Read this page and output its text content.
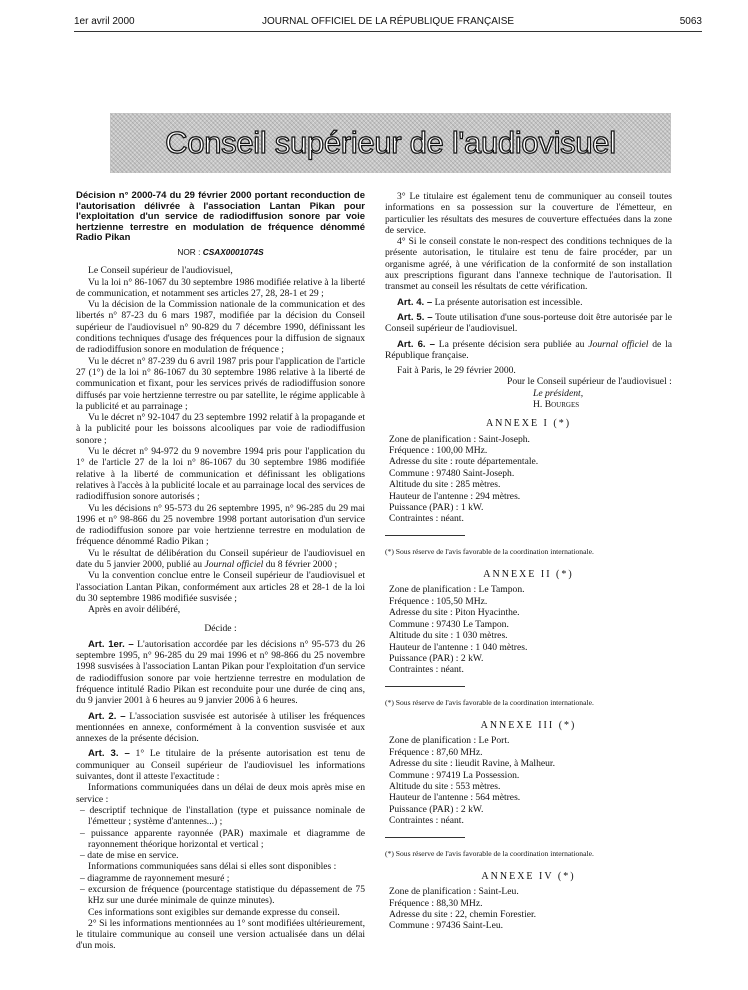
1er avril 2000	JOURNAL OFFICIEL DE LA RÉPUBLIQUE FRANÇAISE	5063
Conseil supérieur de l'audiovisuel

Décision n° 2000-74 du 29 février 2000 portant reconduction de l'autorisation délivrée à l'association Lantan Pikan pour l'exploitation d'un service de radiodiffusion sonore par voie hertzienne terrestre en modulation de fréquence dénommé Radio Pikan

NOR : CSAX0001074S

Le Conseil supérieur de l'audiovisuel,

Vu la loi n° 86-1067 du 30 septembre 1986 modifiée relative à la liberté de communication, et notamment ses articles 27, 28, 28-1 et 29 ;

Vu la décision de la Commission nationale de la communication et des libertés n° 87-23 du 6 mars 1987, modifiée par la décision du Conseil supérieur de l'audiovisuel n° 90-829 du 7 décembre 1990, définissant les conditions techniques d'usage des fréquences pour la diffusion de signaux de radiodiffusion sonore en modulation de fréquence ;

Vu le décret n° 87-239 du 6 avril 1987 pris pour l'application de l'article 27 (1°) de la loi n° 86-1067 du 30 septembre 1986 relative à la liberté de communication et fixant, pour les services privés de radiodiffusion sonore diffusés par voie hertzienne terrestre ou par satellite, le régime applicable à la publicité et au parrainage ;

Vu le décret n° 92-1047 du 23 septembre 1992 relatif à la propagande et à la publicité pour les boissons alcooliques par voie de radiodiffusion sonore ;

Vu le décret n° 94-972 du 9 novembre 1994 pris pour l'application du 1° de l'article 27 de la loi n° 86-1067 du 30 septembre 1986 modifiée relative à la liberté de communication et définissant les obligations relatives à l'accès à la publicité locale et au parrainage local des services de radiodiffusion sonore autorisés ;

Vu les décisions n° 95-573 du 26 septembre 1995, n° 96-285 du 29 mai 1996 et n° 98-866 du 25 novembre 1998 portant autorisation d'un service de radiodiffusion sonore par voie hertzienne terrestre en modulation de fréquence dénommé Radio Pikan ;

Vu le résultat de délibération du Conseil supérieur de l'audiovisuel en date du 5 janvier 2000, publié au Journal officiel du 8 février 2000 ;

Vu la convention conclue entre le Conseil supérieur de l'audiovisuel et l'association Lantan Pikan, conformément aux articles 28 et 28-1 de la loi du 30 septembre 1986 modifiée susvisée ;

Après en avoir délibéré,

Décide :

Art. 1er. – L'autorisation accordée par les décisions n° 95-573 du 26 septembre 1995, n° 96-285 du 29 mai 1996 et n° 98-866 du 25 novembre 1998 susvisées à l'association Lantan Pikan pour l'exploitation d'un service de radiodiffusion sonore par voie hertzienne terrestre en modulation de fréquence intitulé Radio Pikan est reconduite pour une durée de cinq ans, du 9 janvier 2001 à 6 heures au 9 janvier 2006 à 6 heures.

Art. 2. – L'association susvisée est autorisée à utiliser les fréquences mentionnées en annexe, conformément à la convention susvisée et aux annexes de la présente décision.

Art. 3. – 1° Le titulaire de la présente autorisation est tenu de communiquer au Conseil supérieur de l'audiovisuel les informations suivantes, dont il atteste l'exactitude :

Informations communiquées dans un délai de deux mois après mise en service :

– descriptif technique de l'installation (type et puissance nominale de l'émetteur ; système d'antennes...) ;

– puissance apparente rayonnée (PAR) maximale et diagramme de rayonnement théorique horizontal et vertical ;

– date de mise en service.

Informations communiquées sans délai si elles sont disponibles :

– diagramme de rayonnement mesuré ;

– excursion de fréquence (pourcentage statistique du dépassement de 75 kHz sur une durée minimale de quinze minutes).

Ces informations sont exigibles sur demande expresse du conseil.

2° Si les informations mentionnées au 1° sont modifiées ultérieurement, le titulaire communique au conseil une version actualisée dans un délai d'un mois.

3° Le titulaire est également tenu de communiquer au conseil toutes informations en sa possession sur la couverture de l'émetteur, en particulier les résultats des mesures de couverture effectuées dans la zone de service.

4° Si le conseil constate le non-respect des conditions techniques de la présente autorisation, le titulaire est tenu de faire procéder, par un organisme agréé, à une vérification de la conformité de son installation aux prescriptions figurant dans l'annexe technique de l'autorisation. Il transmet au conseil les résultats de cette vérification.

Art. 4. – La présente autorisation est incessible.

Art. 5. – Toute utilisation d'une sous-porteuse doit être autorisée par le Conseil supérieur de l'audiovisuel.

Art. 6. – La présente décision sera publiée au Journal officiel de la République française.

Fait à Paris, le 29 février 2000.

Pour le Conseil supérieur de l'audiovisuel :

Le président,

H. Bourges

ANNEXE I (*)

Zone de planification : Saint-Joseph.

Fréquence : 100,00 MHz.

Adresse du site : route départementale.

Commune : 97480 Saint-Joseph.

Altitude du site : 285 mètres.

Hauteur de l'antenne : 294 mètres.

Puissance (PAR) : 1 kW.

Contraintes : néant.

(*) Sous réserve de l'avis favorable de la coordination internationale.

ANNEXE II (*)

Zone de planification : Le Tampon.

Fréquence : 105,50 MHz.

Adresse du site : Piton Hyacinthe.

Commune : 97430 Le Tampon.

Altitude du site : 1 030 mètres.

Hauteur de l'antenne : 1 040 mètres.

Puissance (PAR) : 2 kW.

Contraintes : néant.

(*) Sous réserve de l'avis favorable de la coordination internationale.

ANNEXE III (*)

Zone de planification : Le Port.

Fréquence : 87,60 MHz.

Adresse du site : lieudit Ravine, à Malheur.

Commune : 97419 La Possession.

Altitude du site : 553 mètres.

Hauteur de l'antenne : 564 mètres.

Puissance (PAR) : 2 kW.

Contraintes : néant.

(*) Sous réserve de l'avis favorable de la coordination internationale.

ANNEXE IV (*)

Zone de planification : Saint-Leu.

Fréquence : 88,30 MHz.

Adresse du site : 22, chemin Forestier.

Commune : 97436 Saint-Leu.
